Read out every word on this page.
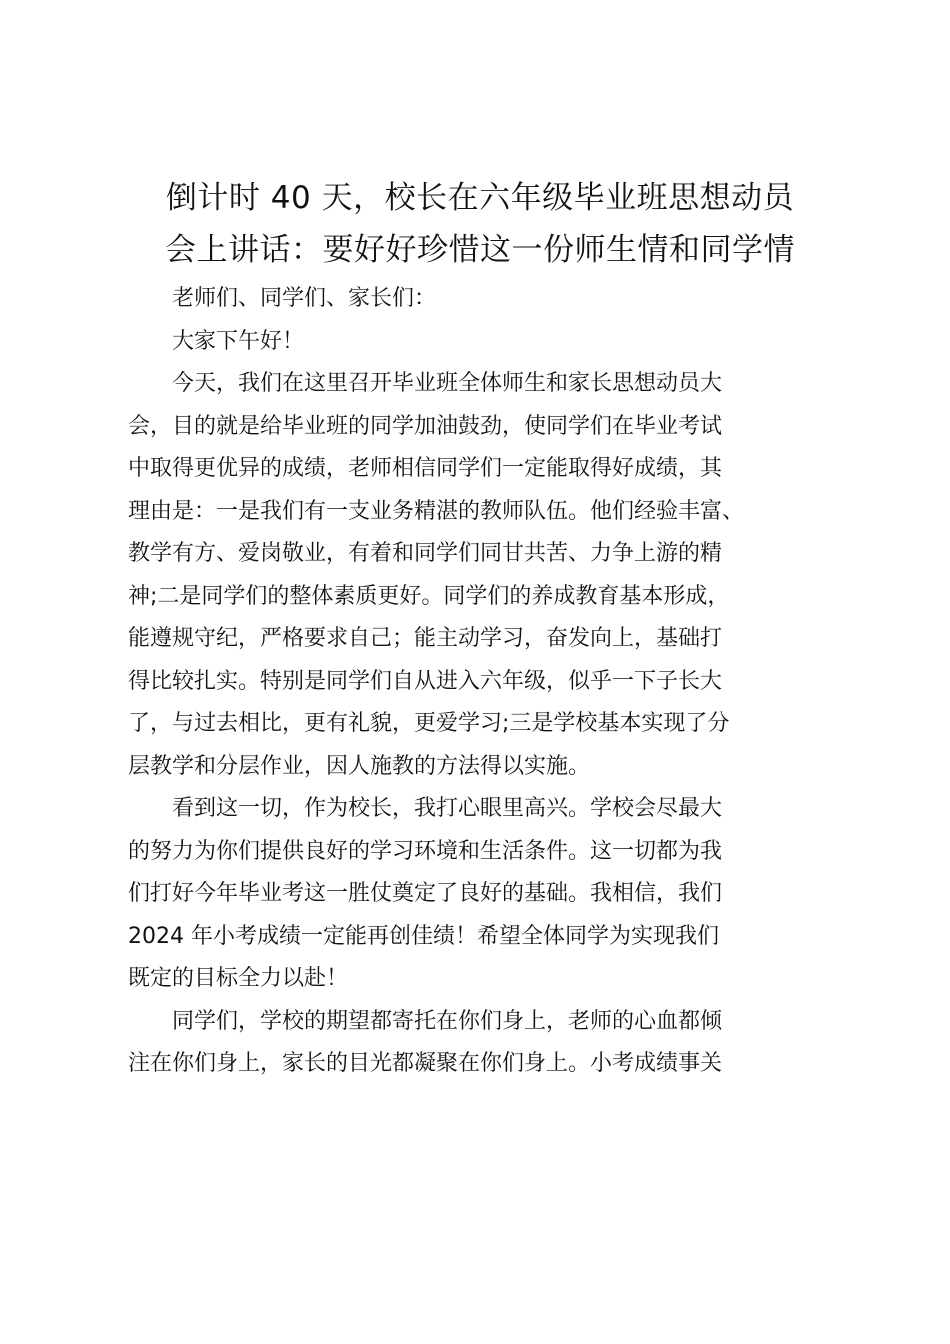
倒计时 40 天，校长在六年级毕业班思想动员
会上讲话：要好好珍惜这一份师生情和同学情

老师们、同学们、家长们：

大家下午好！

今天，我们在这里召开毕业班全体师生和家长思想动员大
会，目的就是给毕业班的同学加油鼓劲，使同学们在毕业考试
中取得更优异的成绩，老师相信同学们一定能取得好成绩，其
理由是：一是我们有一支业务精湛的教师队伍。他们经验丰富、
教学有方、爱岗敬业，有着和同学们同甘共苦、力争上游的精
神;二是同学们的整体素质更好。同学们的养成教育基本形成，
能遵规守纪，严格要求自己；能主动学习，奋发向上，基础打
得比较扎实。特别是同学们自从进入六年级，似乎一下子长大
了，与过去相比，更有礼貌，更爱学习;三是学校基本实现了分
层教学和分层作业，因人施教的方法得以实施。

看到这一切，作为校长，我打心眼里高兴。学校会尽最大
的努力为你们提供良好的学习环境和生活条件。这一切都为我
们打好今年毕业考这一胜仗奠定了良好的基础。我相信，我们
2024 年小考成绩一定能再创佳绩！希望全体同学为实现我们
既定的目标全力以赴！

同学们，学校的期望都寄托在你们身上，老师的心血都倾
注在你们身上，家长的目光都凝聚在你们身上。小考成绩事关
